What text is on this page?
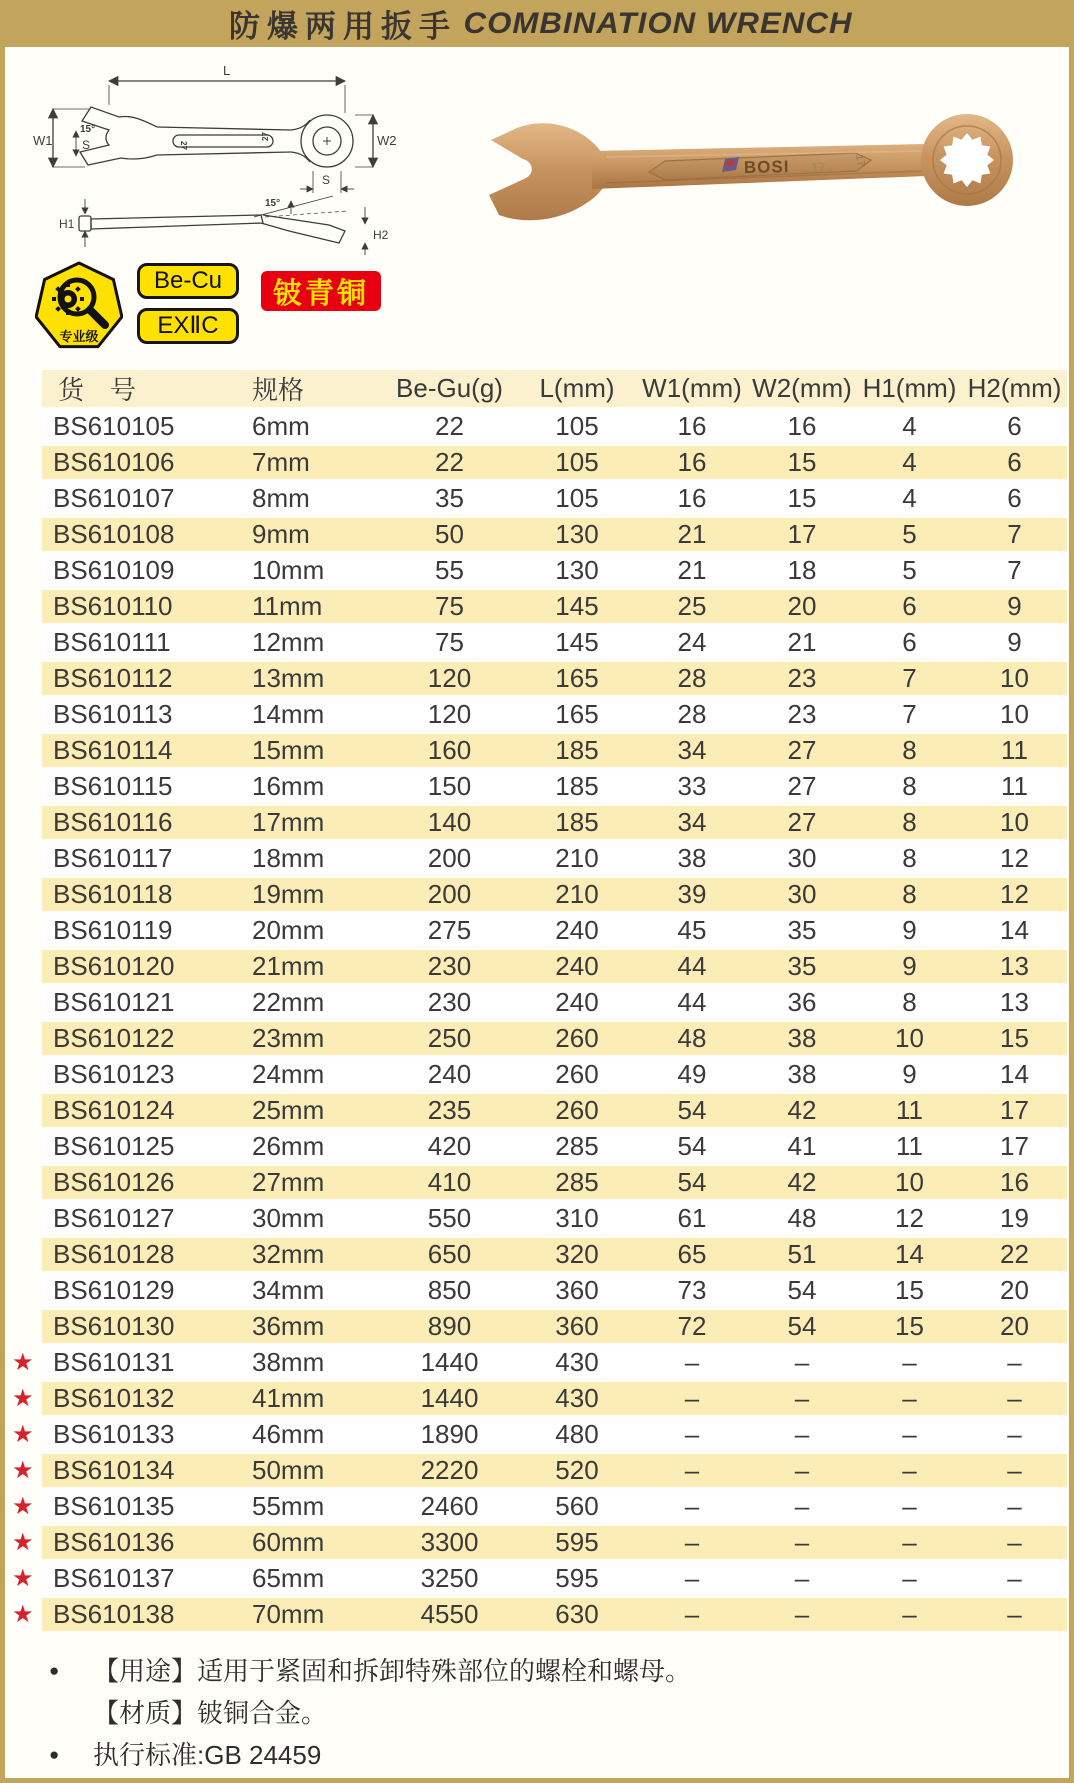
防爆两用扳手 COMBINATION WRENCH
L
W1	W2
15°
S
S
15°
H1
H2
27
27
BOSI 17	17
专业级
Be-Cu
EXⅡC
铍青铜
	货　号	规格	Be-Gu(g)	L(mm)	W1(mm)	W2(mm)	H1(mm)	H2(mm)
	BS610105	6mm	22	105	16	16	4	6
	BS610106	7mm	22	105	16	15	4	6
	BS610107	8mm	35	105	16	15	4	6
	BS610108	9mm	50	130	21	17	5	7
	BS610109	10mm	55	130	21	18	5	7
	BS610110	11mm	75	145	25	20	6	9
	BS610111	12mm	75	145	24	21	6	9
	BS610112	13mm	120	165	28	23	7	10
	BS610113	14mm	120	165	28	23	7	10
	BS610114	15mm	160	185	34	27	8	11
	BS610115	16mm	150	185	33	27	8	11
	BS610116	17mm	140	185	34	27	8	10
	BS610117	18mm	200	210	38	30	8	12
	BS610118	19mm	200	210	39	30	8	12
	BS610119	20mm	275	240	45	35	9	14
	BS610120	21mm	230	240	44	35	9	13
	BS610121	22mm	230	240	44	36	8	13
	BS610122	23mm	250	260	48	38	10	15
	BS610123	24mm	240	260	49	38	9	14
	BS610124	25mm	235	260	54	42	11	17
	BS610125	26mm	420	285	54	41	11	17
	BS610126	27mm	410	285	54	42	10	16
	BS610127	30mm	550	310	61	48	12	19
	BS610128	32mm	650	320	65	51	14	22
	BS610129	34mm	850	360	73	54	15	20
	BS610130	36mm	890	360	72	54	15	20
★	BS610131	38mm	1440	430	–	–	–	–
★	BS610132	41mm	1440	430	–	–	–	–
★	BS610133	46mm	1890	480	–	–	–	–
★	BS610134	50mm	2220	520	–	–	–	–
★	BS610135	55mm	2460	560	–	–	–	–
★	BS610136	60mm	3300	595	–	–	–	–
★	BS610137	65mm	3250	595	–	–	–	–
★	BS610138	70mm	4550	630	–	–	–	–
●	【用途】适用于紧固和拆卸特殊部位的螺栓和螺母。
【材质】铍铜合金。
●	执行标准:GB 24459
